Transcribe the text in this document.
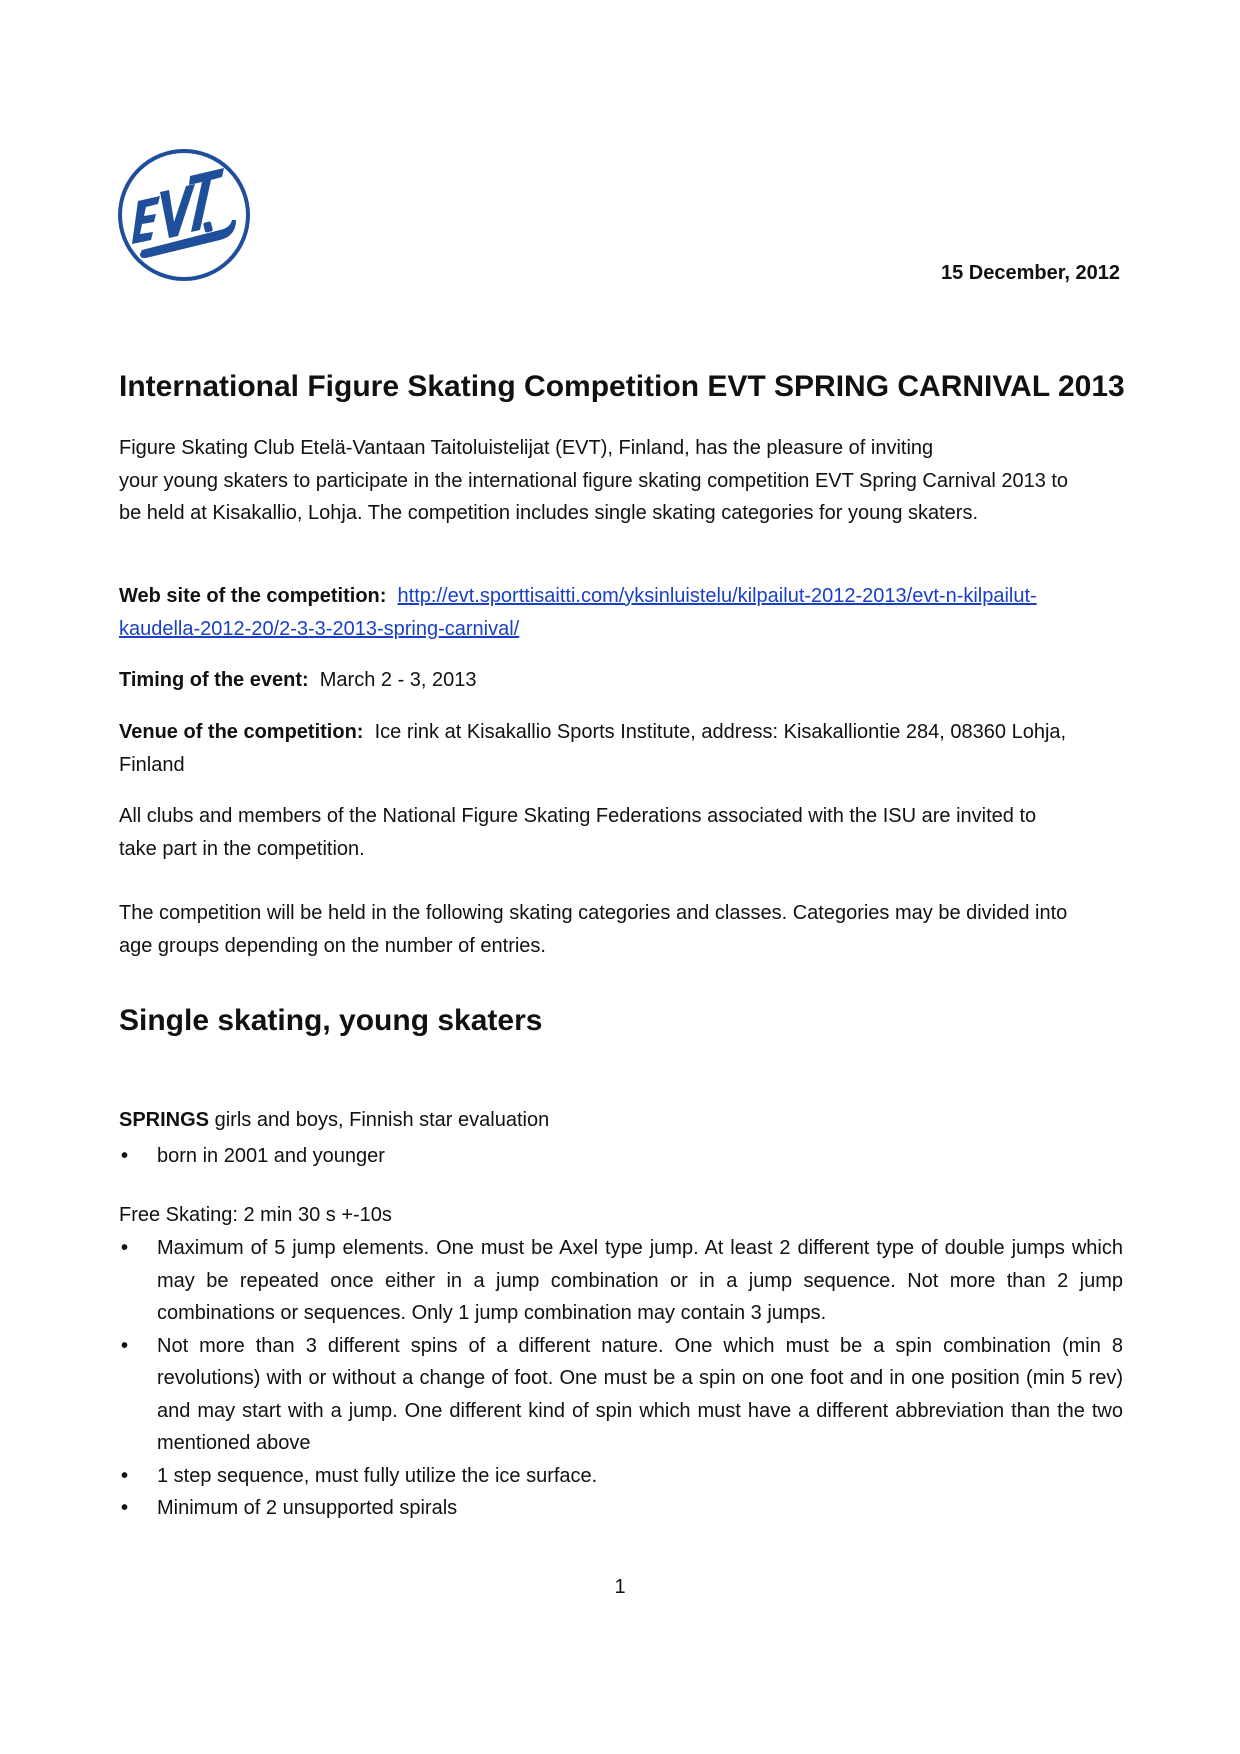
15 December, 2012
International Figure Skating Competition EVT SPRING CARNIVAL 2013

Figure Skating Club Etelä-Vantaan Taitoluistelijat (EVT), Finland, has the pleasure of inviting
your young skaters to participate in the international figure skating competition EVT Spring Carnival 2013 to
be held at Kisakallio, Lohja. The competition includes single skating categories for young skaters.

Web site of the competition: http://evt.sporttisaitti.com/yksinluistelu/kilpailut-2012-2013/evt-n-kilpailut-
kaudella-2012-20/2-3-3-2013-spring-carnival/

Timing of the event: March 2 - 3, 2013

Venue of the competition: Ice rink at Kisakallio Sports Institute, address: Kisakalliontie 284, 08360 Lohja,
Finland

All clubs and members of the National Figure Skating Federations associated with the ISU are invited to
take part in the competition.

The competition will be held in the following skating categories and classes. Categories may be divided into
age groups depending on the number of entries.

Single skating, young skaters

SPRINGS girls and boys, Finnish star evaluation

• born in 2001 and younger

Free Skating: 2 min 30 s +-10s

• Maximum of 5 jump elements. One must be Axel type jump. At least 2 different type of double jumps which may be repeated once either in a jump combination or in a jump sequence. Not more than 2 jump combinations or sequences. Only 1 jump combination may contain 3 jumps.
• Not more than 3 different spins of a different nature. One which must be a spin combination (min 8 revolutions) with or without a change of foot. One must be a spin on one foot and in one position (min 5 rev) and may start with a jump. One different kind of spin which must have a different abbreviation than the two mentioned above
• 1 step sequence, must fully utilize the ice surface.
• Minimum of 2 unsupported spirals
1
